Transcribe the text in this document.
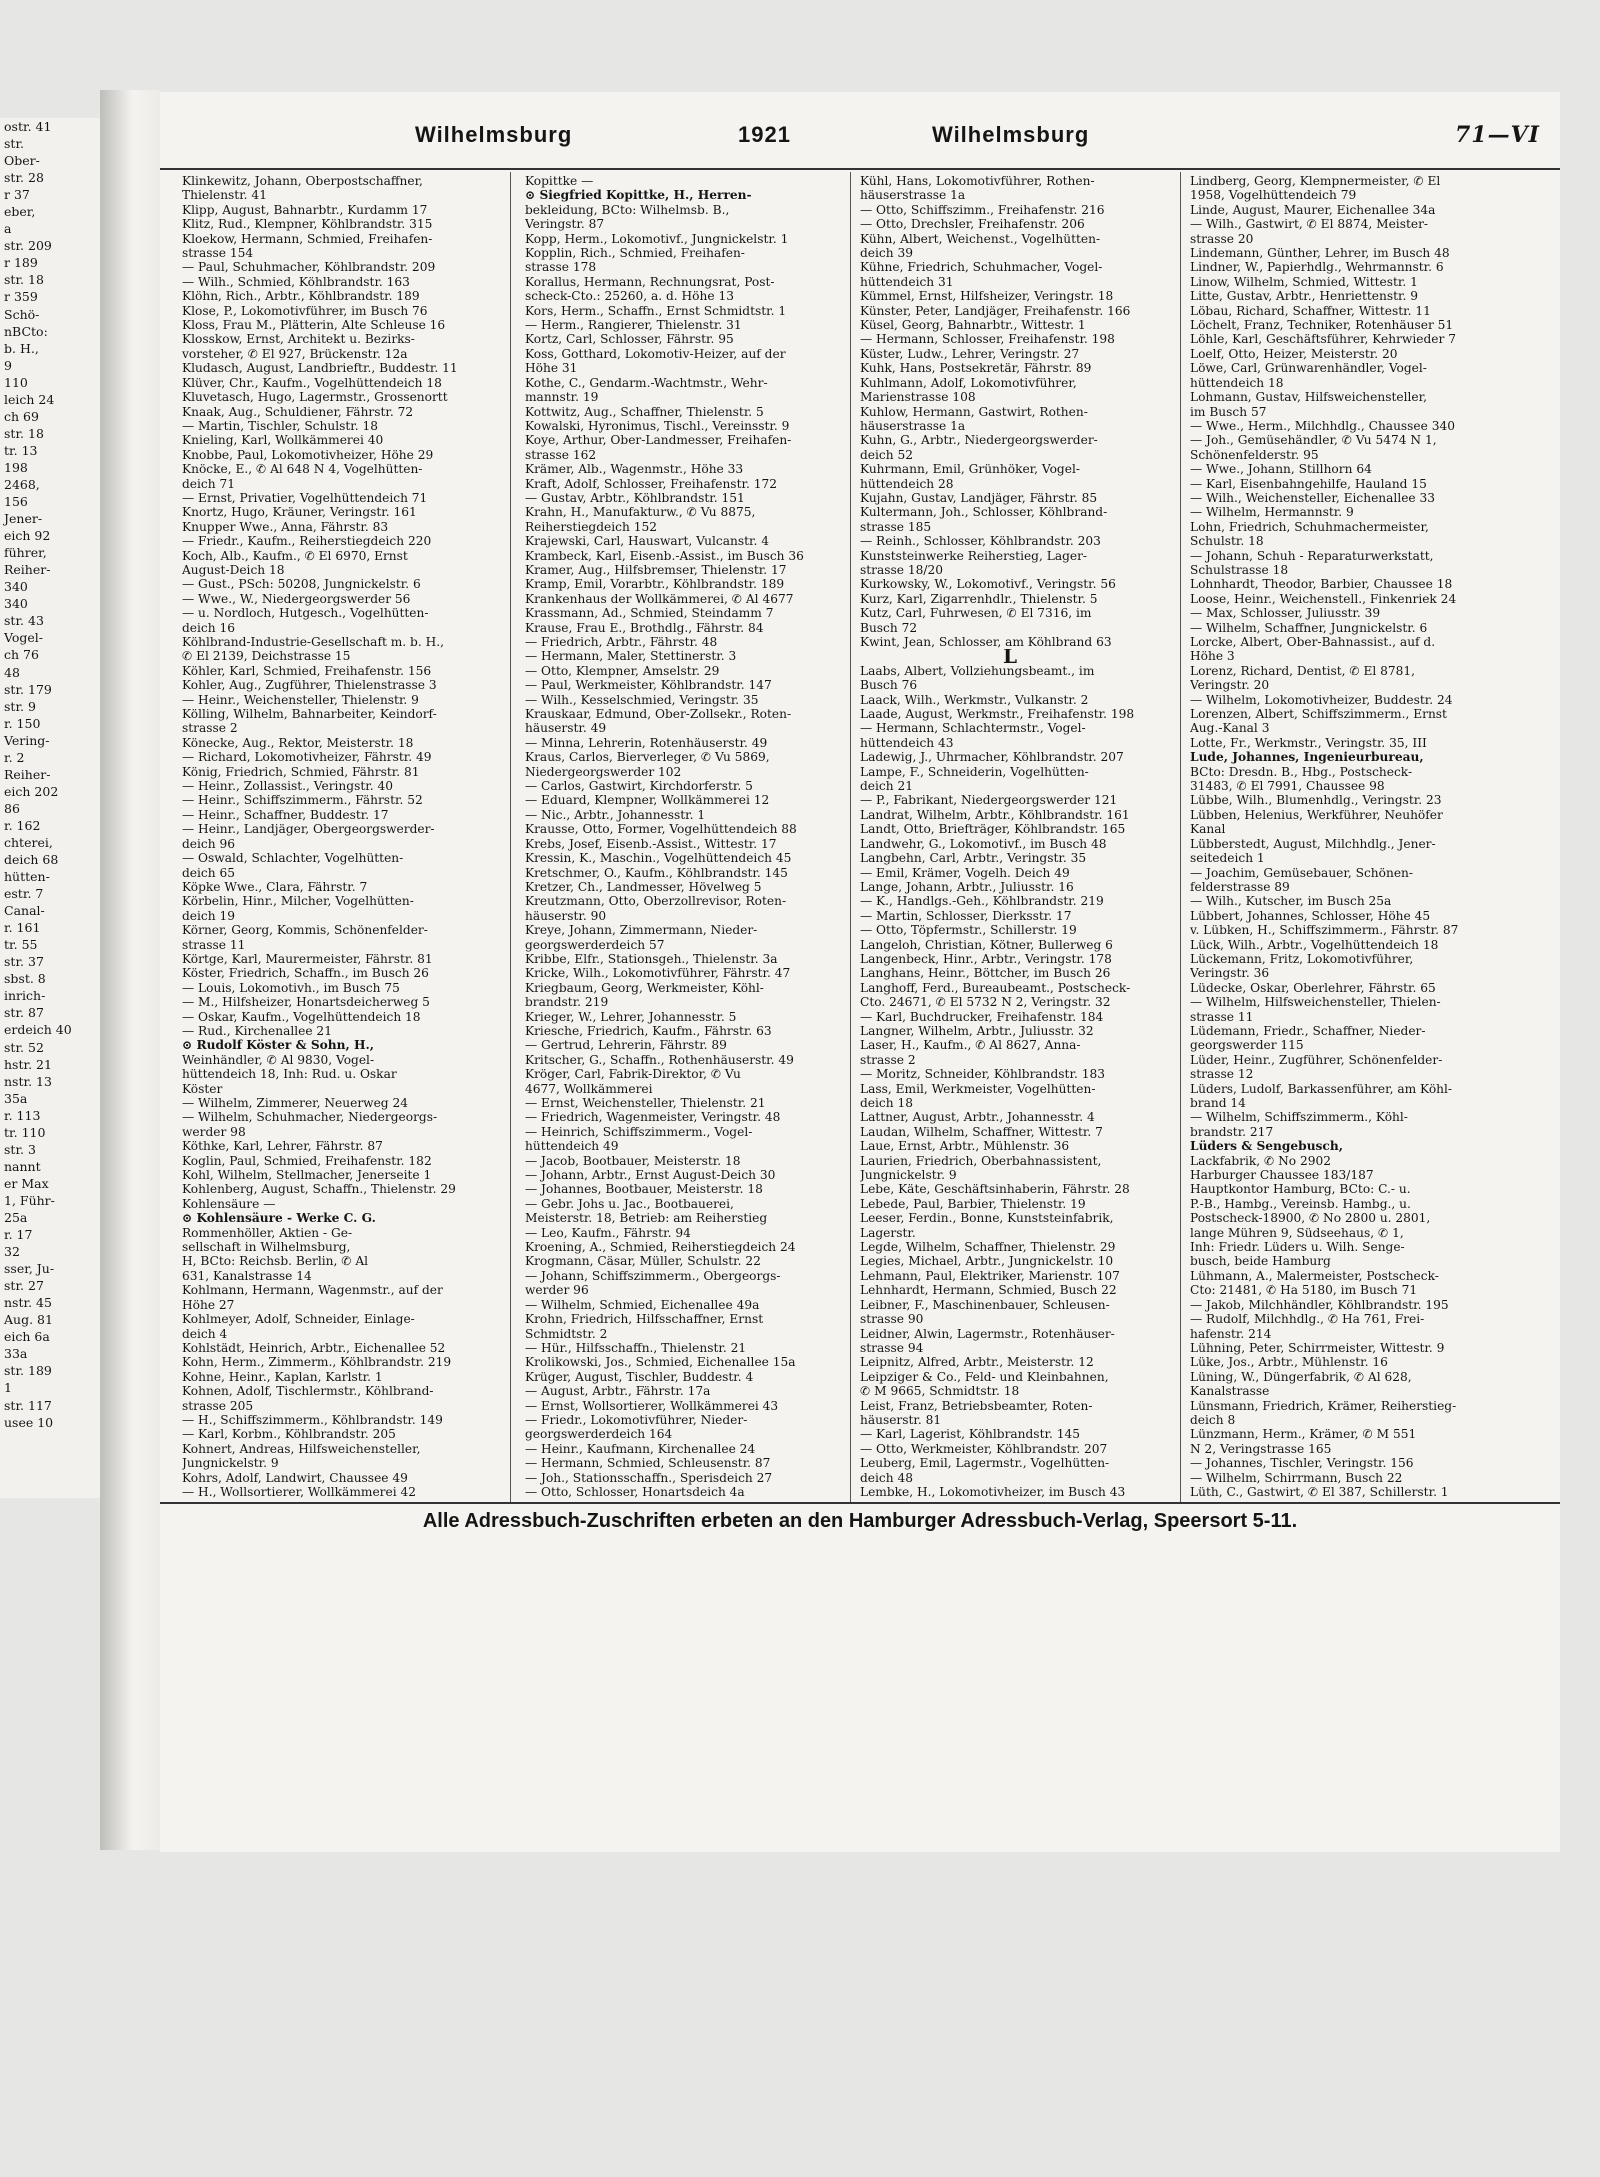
ostr. 41
str.
Ober-
str. 28
r 37
eber,
a
str. 209
r 189
str. 18
r 359
Schö-
nBCto:
b. H.,
9
110
leich 24
ch 69
str. 18
tr. 13
198
2468,
156
Jener-
eich 92
führer,
Reiher-
340
340
str. 43
Vogel-
ch 76
48
str. 179
str. 9
r. 150
Vering-
r. 2
Reiher-
eich 202
86
r. 162
chterei,
deich 68
hütten-
estr. 7
Canal-
r. 161
tr. 55
str. 37
sbst. 8
inrich-
str. 87
erdeich 40
str. 52
hstr. 21
nstr. 13
35a
r. 113
tr. 110
str. 3
nannt
er Max
1, Führ-
25a
r. 17
32
sser, Ju-
str. 27
nstr. 45
Aug. 81
eich 6a
33a
str. 189
1
str. 117
usee 10
Wilhelmsburg	1921	Wilhelmsburg	71—VI
Klinkewitz, Johann, Oberpostschaffner,
Thielenstr. 41
Klipp, August, Bahnarbtr., Kurdamm 17
Klitz, Rud., Klempner, Köhlbrandstr. 315
Kloekow, Hermann, Schmied, Freihafen-
strasse 154
— Paul, Schuhmacher, Köhlbrandstr. 209
— Wilh., Schmied, Köhlbrandstr. 163
Klöhn, Rich., Arbtr., Köhlbrandstr. 189
Klose, P., Lokomotivführer, im Busch 76
Kloss, Frau M., Plätterin, Alte Schleuse 16
Klosskow, Ernst, Architekt u. Bezirks-
vorsteher, ✆ El 927, Brückenstr. 12a
Kludasch, August, Landbrieftr., Buddestr. 11
Klüver, Chr., Kaufm., Vogelhüttendeich 18
Kluvetasch, Hugo, Lagermstr., Grossenortt
Knaak, Aug., Schuldiener, Fährstr. 72
— Martin, Tischler, Schulstr. 18
Knieling, Karl, Wollkämmerei 40
Knobbe, Paul, Lokomotivheizer, Höhe 29
Knöcke, E., ✆ Al 648 N 4, Vogelhütten-
deich 71
— Ernst, Privatier, Vogelhüttendeich 71
Knortz, Hugo, Kräuner, Veringstr. 161
Knupper Wwe., Anna, Fährstr. 83
— Friedr., Kaufm., Reiherstiegdeich 220
Koch, Alb., Kaufm., ✆ El 6970, Ernst
August-Deich 18
— Gust., PSch: 50208, Jungnickelstr. 6
— Wwe., W., Niedergeorgswerder 56
— u. Nordloch, Hutgesch., Vogelhütten-
deich 16
Köhlbrand-Industrie-Gesellschaft m. b. H.,
✆ El 2139, Deichstrasse 15
Köhler, Karl, Schmied, Freihafenstr. 156
Kohler, Aug., Zugführer, Thielenstrasse 3
— Heinr., Weichensteller, Thielenstr. 9
Kölling, Wilhelm, Bahnarbeiter, Keindorf-
strasse 2
Könecke, Aug., Rektor, Meisterstr. 18
— Richard, Lokomotivheizer, Fährstr. 49
König, Friedrich, Schmied, Fährstr. 81
— Heinr., Zollassist., Veringstr. 40
— Heinr., Schiffszimmerm., Fährstr. 52
— Heinr., Schaffner, Buddestr. 17
— Heinr., Landjäger, Obergeorgswerder-
deich 96
— Oswald, Schlachter, Vogelhütten-
deich 65
Köpke Wwe., Clara, Fährstr. 7
Körbelin, Hinr., Milcher, Vogelhütten-
deich 19
Körner, Georg, Kommis, Schönenfelder-
strasse 11
Körtge, Karl, Maurermeister, Fährstr. 81
Köster, Friedrich, Schaffn., im Busch 26
— Louis, Lokomotivh., im Busch 75
— M., Hilfsheizer, Honartsdeicherweg 5
— Oskar, Kaufm., Vogelhüttendeich 18
— Rud., Kirchenallee 21
⊙ Rudolf Köster & Sohn, H.,
Weinhändler, ✆ Al 9830, Vogel-
hüttendeich 18, Inh: Rud. u. Oskar
Köster
— Wilhelm, Zimmerer, Neuerweg 24
— Wilhelm, Schuhmacher, Niedergeorgs-
werder 98
Köthke, Karl, Lehrer, Fährstr. 87
Koglin, Paul, Schmied, Freihafenstr. 182
Kohl, Wilhelm, Stellmacher, Jenerseite 1
Kohlenberg, August, Schaffn., Thielenstr. 29
Kohlensäure —
⊙ Kohlensäure - Werke C. G.
Rommenhöller, Aktien - Ge-
sellschaft in Wilhelmsburg,
H, BCto: Reichsb. Berlin, ✆ Al
631, Kanalstrasse 14
Kohlmann, Hermann, Wagenmstr., auf der
Höhe 27
Kohlmeyer, Adolf, Schneider, Einlage-
deich 4
Kohlstädt, Heinrich, Arbtr., Eichenallee 52
Kohn, Herm., Zimmerm., Köhlbrandstr. 219
Kohne, Heinr., Kaplan, Karlstr. 1
Kohnen, Adolf, Tischlermstr., Köhlbrand-
strasse 205
— H., Schiffszimmerm., Köhlbrandstr. 149
— Karl, Korbm., Köhlbrandstr. 205
Kohnert, Andreas, Hilfsweichensteller,
Jungnickelstr. 9
Kohrs, Adolf, Landwirt, Chaussee 49
— H., Wollsortierer, Wollkämmerei 42
Kopittke —
⊙ Siegfried Kopittke, H., Herren-
bekleidung, BCto: Wilhelmsb. B.,
Veringstr. 87
Kopp, Herm., Lokomotivf., Jungnickelstr. 1
Kopplin, Rich., Schmied, Freihafen-
strasse 178
Korallus, Hermann, Rechnungsrat, Post-
scheck-Cto.: 25260, a. d. Höhe 13
Kors, Herm., Schaffn., Ernst Schmidtstr. 1
— Herm., Rangierer, Thielenstr. 31
Kortz, Carl, Schlosser, Fährstr. 95
Koss, Gotthard, Lokomotiv-Heizer, auf der
Höhe 31
Kothe, C., Gendarm.-Wachtmstr., Wehr-
mannstr. 19
Kottwitz, Aug., Schaffner, Thielenstr. 5
Kowalski, Hyronimus, Tischl., Vereinsstr. 9
Koye, Arthur, Ober-Landmesser, Freihafen-
strasse 162
Krämer, Alb., Wagenmstr., Höhe 33
Kraft, Adolf, Schlosser, Freihafenstr. 172
— Gustav, Arbtr., Köhlbrandstr. 151
Krahn, H., Manufakturw., ✆ Vu 8875,
Reiherstiegdeich 152
Krajewski, Carl, Hauswart, Vulcanstr. 4
Krambeck, Karl, Eisenb.-Assist., im Busch 36
Kramer, Aug., Hilfsbremser, Thielenstr. 17
Kramp, Emil, Vorarbtr., Köhlbrandstr. 189
Krankenhaus der Wollkämmerei, ✆ Al 4677
Krassmann, Ad., Schmied, Steindamm 7
Krause, Frau E., Brothdlg., Fährstr. 84
— Friedrich, Arbtr., Fährstr. 48
— Hermann, Maler, Stettinerstr. 3
— Otto, Klempner, Amselstr. 29
— Paul, Werkmeister, Köhlbrandstr. 147
— Wilh., Kesselschmied, Veringstr. 35
Krauskaar, Edmund, Ober-Zollsekr., Roten-
häuserstr. 49
— Minna, Lehrerin, Rotenhäuserstr. 49
Kraus, Carlos, Bierverleger, ✆ Vu 5869,
Niedergeorgswerder 102
— Carlos, Gastwirt, Kirchdorferstr. 5
— Eduard, Klempner, Wollkämmerei 12
— Nic., Arbtr., Johannesstr. 1
Krausse, Otto, Former, Vogelhüttendeich 88
Krebs, Josef, Eisenb.-Assist., Wittestr. 17
Kressin, K., Maschin., Vogelhüttendeich 45
Kretschmer, O., Kaufm., Köhlbrandstr. 145
Kretzer, Ch., Landmesser, Hövelweg 5
Kreutzmann, Otto, Oberzollrevisor, Roten-
häuserstr. 90
Kreye, Johann, Zimmermann, Nieder-
georgswerderdeich 57
Kribbe, Elfr., Stationsgeh., Thielenstr. 3a
Kricke, Wilh., Lokomotivführer, Fährstr. 47
Kriegbaum, Georg, Werkmeister, Köhl-
brandstr. 219
Krieger, W., Lehrer, Johannesstr. 5
Kriesche, Friedrich, Kaufm., Fährstr. 63
— Gertrud, Lehrerin, Fährstr. 89
Kritscher, G., Schaffn., Rothenhäuserstr. 49
Kröger, Carl, Fabrik-Direktor, ✆ Vu
4677, Wollkämmerei
— Ernst, Weichensteller, Thielenstr. 21
— Friedrich, Wagenmeister, Veringstr. 48
— Heinrich, Schiffszimmerm., Vogel-
hüttendeich 49
— Jacob, Bootbauer, Meisterstr. 18
— Johann, Arbtr., Ernst August-Deich 30
— Johannes, Bootbauer, Meisterstr. 18
— Gebr. Johs u. Jac., Bootbauerei,
Meisterstr. 18, Betrieb: am Reiherstieg
— Leo, Kaufm., Fährstr. 94
Kroening, A., Schmied, Reiherstiegdeich 24
Krogmann, Cäsar, Müller, Schulstr. 22
— Johann, Schiffszimmerm., Obergeorgs-
werder 96
— Wilhelm, Schmied, Eichenallee 49a
Krohn, Friedrich, Hilfsschaffner, Ernst
Schmidtstr. 2
— Hür., Hilfsschaffn., Thielenstr. 21
Krolikowski, Jos., Schmied, Eichenallee 15a
Krüger, August, Tischler, Buddestr. 4
— August, Arbtr., Fährstr. 17a
— Ernst, Wollsortierer, Wollkämmerei 43
— Friedr., Lokomotivführer, Nieder-
georgswerderdeich 164
— Heinr., Kaufmann, Kirchenallee 24
— Hermann, Schmied, Schleusenstr. 87
— Joh., Stationsschaffn., Sperisdeich 27
— Otto, Schlosser, Honartsdeich 4a
Kühl, Hans, Lokomotivführer, Rothen-
häuserstrasse 1a
— Otto, Schiffszimm., Freihafenstr. 216
— Otto, Drechsler, Freihafenstr. 206
Kühn, Albert, Weichenst., Vogelhütten-
deich 39
Kühne, Friedrich, Schuhmacher, Vogel-
hüttendeich 31
Kümmel, Ernst, Hilfsheizer, Veringstr. 18
Künster, Peter, Landjäger, Freihafenstr. 166
Küsel, Georg, Bahnarbtr., Wittestr. 1
— Hermann, Schlosser, Freihafenstr. 198
Küster, Ludw., Lehrer, Veringstr. 27
Kuhk, Hans, Postsekretär, Fährstr. 89
Kuhlmann, Adolf, Lokomotivführer,
Marienstrasse 108
Kuhlow, Hermann, Gastwirt, Rothen-
häuserstrasse 1a
Kuhn, G., Arbtr., Niedergeorgswerder-
deich 52
Kuhrmann, Emil, Grünhöker, Vogel-
hüttendeich 28
Kujahn, Gustav, Landjäger, Fährstr. 85
Kultermann, Joh., Schlosser, Köhlbrand-
strasse 185
— Reinh., Schlosser, Köhlbrandstr. 203
Kunststeinwerke Reiherstieg, Lager-
strasse 18/20
Kurkowsky, W., Lokomotivf., Veringstr. 56
Kurz, Karl, Zigarrenhdlr., Thielenstr. 5
Kutz, Carl, Fuhrwesen, ✆ El 7316, im
Busch 72
Kwint, Jean, Schlosser, am Köhlbrand 63
L
Laabs, Albert, Vollziehungsbeamt., im
Busch 76
Laack, Wilh., Werkmstr., Vulkanstr. 2
Laade, August, Werkmstr., Freihafenstr. 198
— Hermann, Schlachtermstr., Vogel-
hüttendeich 43
Ladewig, J., Uhrmacher, Köhlbrandstr. 207
Lampe, F., Schneiderin, Vogelhütten-
deich 21
— P., Fabrikant, Niedergeorgswerder 121
Landrat, Wilhelm, Arbtr., Köhlbrandstr. 161
Landt, Otto, Briefträger, Köhlbrandstr. 165
Landwehr, G., Lokomotivf., im Busch 48
Langbehn, Carl, Arbtr., Veringstr. 35
— Emil, Krämer, Vogelh. Deich 49
Lange, Johann, Arbtr., Juliusstr. 16
— K., Handlgs.-Geh., Köhlbrandstr. 219
— Martin, Schlosser, Dierksstr. 17
— Otto, Töpfermstr., Schillerstr. 19
Langeloh, Christian, Kötner, Bullerweg 6
Langenbeck, Hinr., Arbtr., Veringstr. 178
Langhans, Heinr., Böttcher, im Busch 26
Langhoff, Ferd., Bureaubeamt., Postscheck-
Cto. 24671, ✆ El 5732 N 2, Veringstr. 32
— Karl, Buchdrucker, Freihafenstr. 184
Langner, Wilhelm, Arbtr., Juliusstr. 32
Laser, H., Kaufm., ✆ Al 8627, Anna-
strasse 2
— Moritz, Schneider, Köhlbrandstr. 183
Lass, Emil, Werkmeister, Vogelhütten-
deich 18
Lattner, August, Arbtr., Johannesstr. 4
Laudan, Wilhelm, Schaffner, Wittestr. 7
Laue, Ernst, Arbtr., Mühlenstr. 36
Laurien, Friedrich, Oberbahnassistent,
Jungnickelstr. 9
Lebe, Käte, Geschäftsinhaberin, Fährstr. 28
Lebede, Paul, Barbier, Thielenstr. 19
Leeser, Ferdin., Bonne, Kunststeinfabrik,
Lagerstr.
Legde, Wilhelm, Schaffner, Thielenstr. 29
Legies, Michael, Arbtr., Jungnickelstr. 10
Lehmann, Paul, Elektriker, Marienstr. 107
Lehnhardt, Hermann, Schmied, Busch 22
Leibner, F., Maschinenbauer, Schleusen-
strasse 90
Leidner, Alwin, Lagermstr., Rotenhäuser-
strasse 94
Leipnitz, Alfred, Arbtr., Meisterstr. 12
Leipziger & Co., Feld- und Kleinbahnen,
✆ M 9665, Schmidtstr. 18
Leist, Franz, Betriebsbeamter, Roten-
häuserstr. 81
— Karl, Lagerist, Köhlbrandstr. 145
— Otto, Werkmeister, Köhlbrandstr. 207
Leuberg, Emil, Lagermstr., Vogelhütten-
deich 48
Lembke, H., Lokomotivheizer, im Busch 43
Lindberg, Georg, Klempnermeister, ✆ El
1958, Vogelhüttendeich 79
Linde, August, Maurer, Eichenallee 34a
— Wilh., Gastwirt, ✆ El 8874, Meister-
strasse 20
Lindemann, Günther, Lehrer, im Busch 48
Lindner, W., Papierhdlg., Wehrmannstr. 6
Linow, Wilhelm, Schmied, Wittestr. 1
Litte, Gustav, Arbtr., Henriettenstr. 9
Löbau, Richard, Schaffner, Wittestr. 11
Löchelt, Franz, Techniker, Rotenhäuser 51
Löhle, Karl, Geschäftsführer, Kehrwieder 7
Loelf, Otto, Heizer, Meisterstr. 20
Löwe, Carl, Grünwarenhändler, Vogel-
hüttendeich 18
Lohmann, Gustav, Hilfsweichensteller,
im Busch 57
— Wwe., Herm., Milchhdlg., Chaussee 340
— Joh., Gemüsehändler, ✆ Vu 5474 N 1,
Schönenfelderstr. 95
— Wwe., Johann, Stillhorn 64
— Karl, Eisenbahngehilfe, Hauland 15
— Wilh., Weichensteller, Eichenallee 33
— Wilhelm, Hermannstr. 9
Lohn, Friedrich, Schuhmachermeister,
Schulstr. 18
— Johann, Schuh - Reparaturwerkstatt,
Schulstrasse 18
Lohnhardt, Theodor, Barbier, Chaussee 18
Loose, Heinr., Weichenstell., Finkenriek 24
— Max, Schlosser, Juliusstr. 39
— Wilhelm, Schaffner, Jungnickelstr. 6
Lorcke, Albert, Ober-Bahnassist., auf d.
Höhe 3
Lorenz, Richard, Dentist, ✆ El 8781,
Veringstr. 20
— Wilhelm, Lokomotivheizer, Buddestr. 24
Lorenzen, Albert, Schiffszimmerm., Ernst
Aug.-Kanal 3
Lotte, Fr., Werkmstr., Veringstr. 35, III
Lude, Johannes, Ingenieurbureau,
BCto: Dresdn. B., Hbg., Postscheck-
31483, ✆ El 7991, Chaussee 98
Lübbe, Wilh., Blumenhdlg., Veringstr. 23
Lübben, Helenius, Werkführer, Neuhöfer
Kanal
Lübberstedt, August, Milchhdlg., Jener-
seitedeich 1
— Joachim, Gemüsebauer, Schönen-
felderstrasse 89
— Wilh., Kutscher, im Busch 25a
Lübbert, Johannes, Schlosser, Höhe 45
v. Lübken, H., Schiffszimmerm., Fährstr. 87
Lück, Wilh., Arbtr., Vogelhüttendeich 18
Lückemann, Fritz, Lokomotivführer,
Veringstr. 36
Lüdecke, Oskar, Oberlehrer, Fährstr. 65
— Wilhelm, Hilfsweichensteller, Thielen-
strasse 11
Lüdemann, Friedr., Schaffner, Nieder-
georgswerder 115
Lüder, Heinr., Zugführer, Schönenfelder-
strasse 12
Lüders, Ludolf, Barkassenführer, am Köhl-
brand 14
— Wilhelm, Schiffszimmerm., Köhl-
brandstr. 217
Lüders & Sengebusch,
Lackfabrik, ✆ No 2902
Harburger Chaussee 183/187
Hauptkontor Hamburg, BCto: C.- u.
P.-B., Hambg., Vereinsb. Hambg., u.
Postscheck-18900, ✆ No 2800 u. 2801,
lange Mühren 9, Südseehaus, ✆ 1,
Inh: Friedr. Lüders u. Wilh. Senge-
busch, beide Hamburg
Lühmann, A., Malermeister, Postscheck-
Cto: 21481, ✆ Ha 5180, im Busch 71
— Jakob, Milchhändler, Köhlbrandstr. 195
— Rudolf, Milchhdlg., ✆ Ha 761, Frei-
hafenstr. 214
Lühning, Peter, Schirrmeister, Wittestr. 9
Lüke, Jos., Arbtr., Mühlenstr. 16
Lüning, W., Düngerfabrik, ✆ Al 628,
Kanalstrasse
Lünsmann, Friedrich, Krämer, Reiherstieg-
deich 8
Lünzmann, Herm., Krämer, ✆ M 551
N 2, Veringstrasse 165
— Johannes, Tischler, Veringstr. 156
— Wilhelm, Schirrmann, Busch 22
Lüth, C., Gastwirt, ✆ El 387, Schillerstr. 1
Alle Adressbuch-Zuschriften erbeten an den Hamburger Adressbuch-Verlag, Speersort 5-11.
